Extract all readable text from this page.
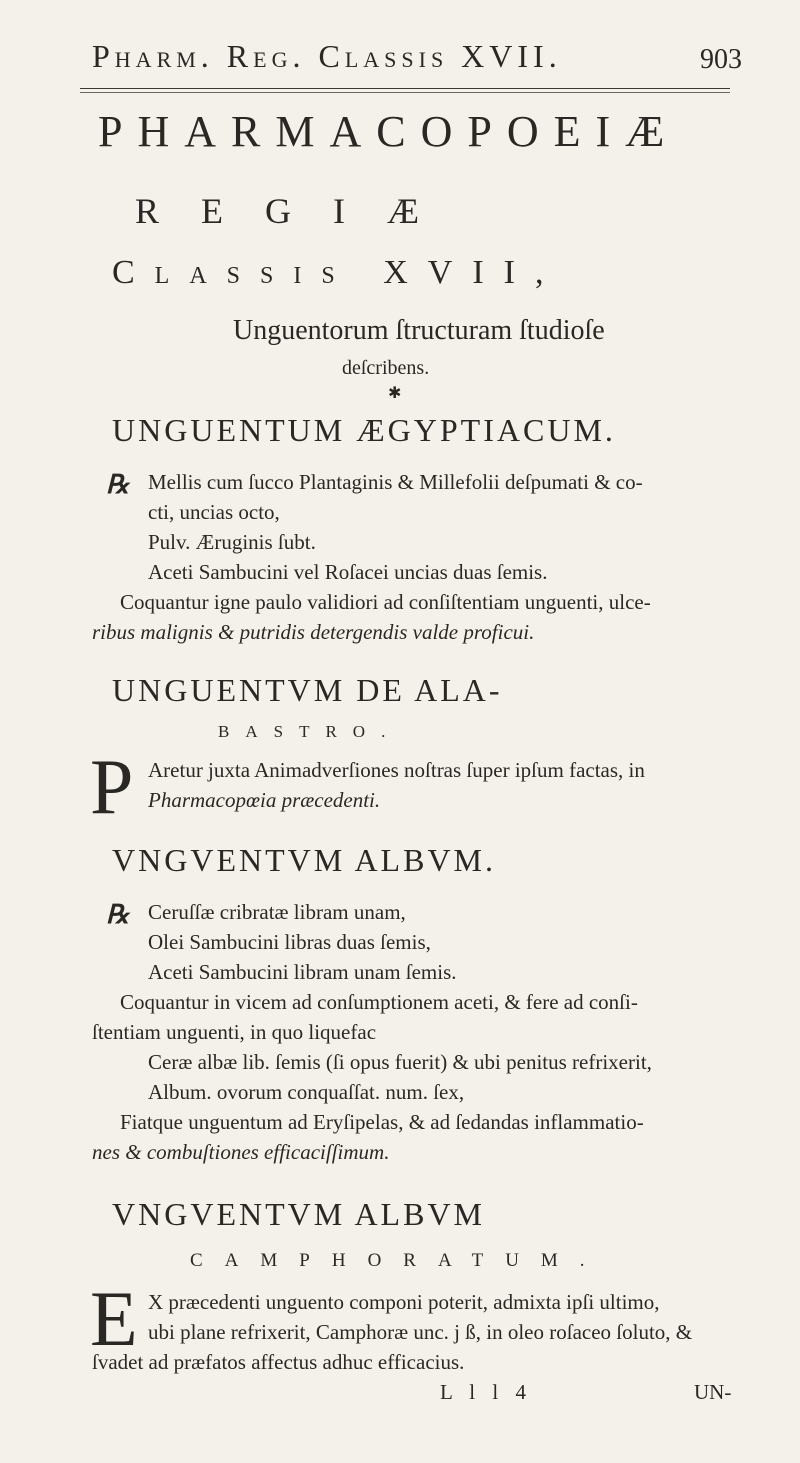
Pharm. Reg. Classis XVII.	903
PHARMACOPOEIÆ
REGIÆ
Classis XVII,
Unguentorum ſtructuram ſtudioſe
deſcribens.
✱
UNGUENTUM ÆGYPTIACUM.
℞ Mellis cum ſucco Plantaginis & Millefolii deſpumati & co-
cti, uncias octo,
Pulv. Æruginis ſubt.
Aceti Sambucini vel Roſacei uncias duas ſemis.
Coquantur igne paulo validiori ad conſiſtentiam unguenti, ulce-
ribus malignis & putridis detergendis valde proficui.
UNGUENTVM DE ALA-
BASTRO.
P Aretur juxta Animadverſiones noſtras ſuper ipſum factas, in
Pharmacopœia præcedenti.
VNGVENTVM ALBVM.
℞ Ceruſſæ cribratæ libram unam,
Olei Sambucini libras duas ſemis,
Aceti Sambucini libram unam ſemis.
Coquantur in vicem ad conſumptionem aceti, & fere ad conſi-
ſtentiam unguenti, in quo liquefac
Ceræ albæ lib. ſemis (ſi opus fuerit) & ubi penitus refrixerit,
Album. ovorum conquaſſat. num. ſex,
Fiatque unguentum ad Eryſipelas, & ad ſedandas inflammatio-
nes & combuſtiones efficaciſſimum.
VNGVENTVM ALBVM
CAMPHORATUM.
E X præcedenti unguento componi poterit, admixta ipſi ultimo,
ubi plane refrixerit, Camphoræ unc. j ß, in oleo roſaceo ſoluto, &
ſvadet ad præfatos affectus adhuc efficacius.
L l l 4	UN-
